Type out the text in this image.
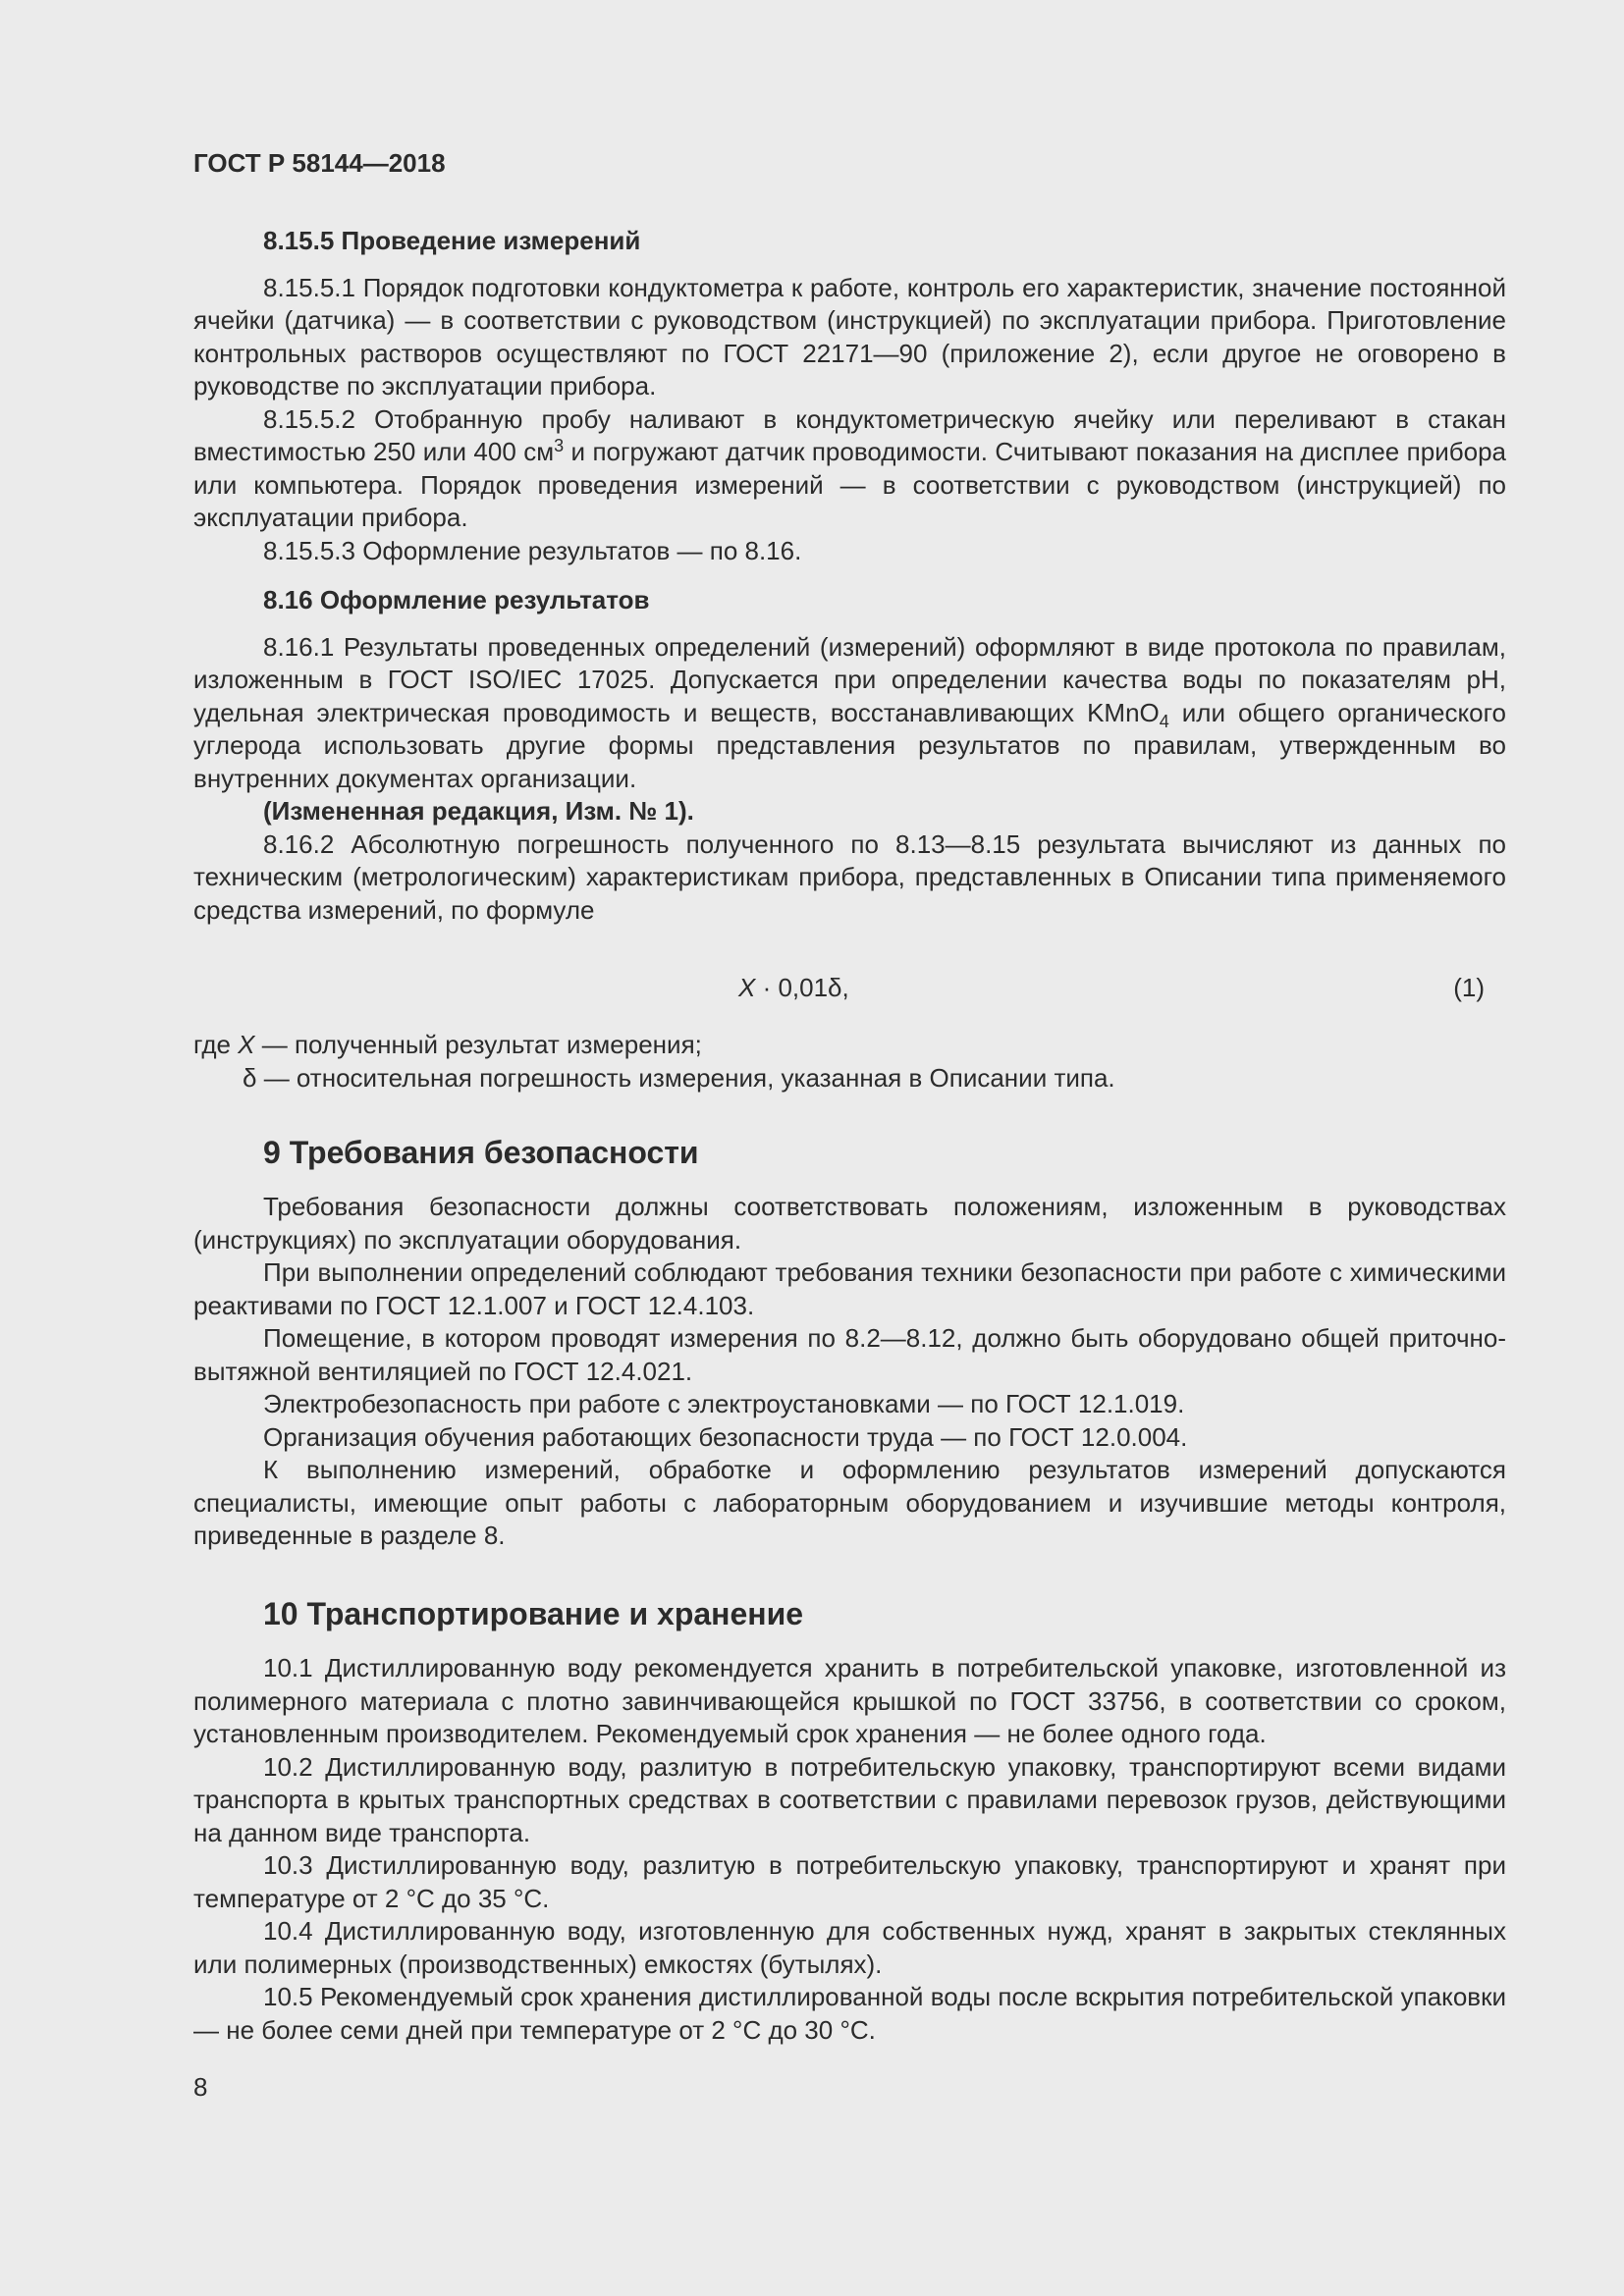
ГОСТ Р 58144—2018
8.15.5 Проведение измерений

8.15.5.1 Порядок подготовки кондуктометра к работе, контроль его характеристик, значение постоянной ячейки (датчика) — в соответствии с руководством (инструкцией) по эксплуатации прибора. Приготовление контрольных растворов осуществляют по ГОСТ 22171—90 (приложение 2), если другое не оговорено в руководстве по эксплуатации прибора.

8.15.5.2 Отобранную пробу наливают в кондуктометрическую ячейку или переливают в стакан вместимостью 250 или 400 $см^3$ и погружают датчик проводимости. Считывают показания на дисплее прибора или компьютера. Порядок проведения измерений — в соответствии с руководством (инструкцией) по эксплуатации прибора.

8.15.5.3 Оформление результатов — по 8.16.

8.16 Оформление результатов

8.16.1 Результаты проведенных определений (измерений) оформляют в виде протокола по правилам, изложенным в ГОСТ ISO/IEC 17025. Допускается при определении качества воды по показателям pH, удельная электрическая проводимость и веществ, восстанавливающих KMnO$_4$ или общего органического углерода использовать другие формы представления результатов по правилам, утвержденным во внутренних документах организации.

(Измененная редакция, Изм. № 1).

8.16.2 Абсолютную погрешность полученного по 8.13—8.15 результата вычисляют из данных по техническим (метрологическим) характеристикам прибора, представленных в Описании типа применяемого средства измерений, по формуле

X · 0,01δ,	(1)

где X — полученный результат измерения;

δ — относительная погрешность измерения, указанная в Описании типа.

9 Требования безопасности

Требования безопасности должны соответствовать положениям, изложенным в руководствах (инструкциях) по эксплуатации оборудования.

При выполнении определений соблюдают требования техники безопасности при работе с химическими реактивами по ГОСТ 12.1.007 и ГОСТ 12.4.103.

Помещение, в котором проводят измерения по 8.2—8.12, должно быть оборудовано общей приточно-вытяжной вентиляцией по ГОСТ 12.4.021.

Электробезопасность при работе с электроустановками — по ГОСТ 12.1.019.

Организация обучения работающих безопасности труда — по ГОСТ 12.0.004.

К выполнению измерений, обработке и оформлению результатов измерений допускаются специалисты, имеющие опыт работы с лабораторным оборудованием и изучившие методы контроля, приведенные в разделе 8.

10 Транспортирование и хранение

10.1 Дистиллированную воду рекомендуется хранить в потребительской упаковке, изготовленной из полимерного материала с плотно завинчивающейся крышкой по ГОСТ 33756, в соответствии со сроком, установленным производителем. Рекомендуемый срок хранения — не более одного года.

10.2 Дистиллированную воду, разлитую в потребительскую упаковку, транспортируют всеми видами транспорта в крытых транспортных средствах в соответствии с правилами перевозок грузов, действующими на данном виде транспорта.

10.3 Дистиллированную воду, разлитую в потребительскую упаковку, транспортируют и хранят при температуре от 2 °С до 35 °С.

10.4 Дистиллированную воду, изготовленную для собственных нужд, хранят в закрытых стеклянных или полимерных (производственных) емкостях (бутылях).

10.5 Рекомендуемый срок хранения дистиллированной воды после вскрытия потребительской упаковки — не более семи дней при температуре от 2 °С до 30 °С.

8
